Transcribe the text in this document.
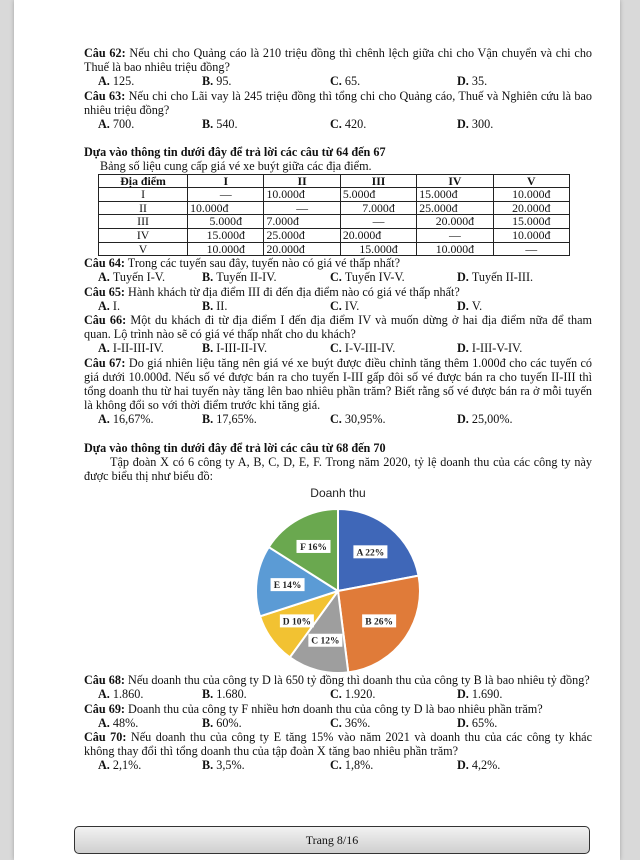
Câu 62: Nếu chi cho Quảng cáo là 210 triệu đồng thì chênh lệch giữa chi cho Vận chuyển và chi cho Thuế là bao nhiêu triệu đồng?

A. 125.	B. 95.	C. 65.	D. 35.

Câu 63: Nếu chi cho Lãi vay là 245 triệu đồng thì tổng chi cho Quảng cáo, Thuế và Nghiên cứu là bao nhiêu triệu đồng?

A. 700.	B. 540.	C. 420.	D. 300.

Dựa vào thông tin dưới đây để trả lời các câu từ 64 đến 67

Bảng số liệu cung cấp giá vé xe buýt giữa các địa điểm.

Địa điểm	I	II	III	IV	V
I	—	10.000đ	5.000đ	15.000đ	10.000đ
II	10.000đ	—	7.000đ	25.000đ	20.000đ
III	5.000đ	7.000đ	—	20.000đ	15.000đ
IV	15.000đ	25.000đ	20.000đ	—	10.000đ
V	10.000đ	20.000đ	15.000đ	10.000đ	—

Câu 64: Trong các tuyến sau đây, tuyến nào có giá vé thấp nhất?

A. Tuyến I-V.	B. Tuyến II-IV.	C. Tuyến IV-V.	D. Tuyến II-III.

Câu 65: Hành khách từ địa điểm III đi đến địa điểm nào có giá vé thấp nhất?

A. I.	B. II.	C. IV.	D. V.

Câu 66: Một du khách đi từ địa điểm I đến địa điểm IV và muốn dừng ở hai địa điểm nữa để tham quan. Lộ trình nào sẽ có giá vé thấp nhất cho du khách?

A. I-II-III-IV.	B. I-III-II-IV.	C. I-V-III-IV.	D. I-III-V-IV.

Câu 67: Do giá nhiên liệu tăng nên giá vé xe buýt được điều chỉnh tăng thêm 1.000đ cho các tuyến có giá dưới 10.000đ. Nếu số vé được bán ra cho tuyến I-III gấp đôi số vé được bán ra cho tuyến II-III thì tổng doanh thu từ hai tuyến này tăng lên bao nhiêu phần trăm? Biết rằng số vé được bán ra ở mỗi tuyến là không đổi so với thời điểm trước khi tăng giá.

A. 16,67%.	B. 17,65%.	C. 30,95%.	D. 25,00%.

Dựa vào thông tin dưới đây để trả lời các câu từ 68 đến 70

Tập đoàn X có 6 công ty A, B, C, D, E, F. Trong năm 2020, tỷ lệ doanh thu của các công ty này được biểu thị như biểu đồ:

Doanh thu
A 22%
B 26%
C 12%
D 10%
E 14%
F 16%

Câu 68: Nếu doanh thu của công ty D là 650 tỷ đồng thì doanh thu của công ty B là bao nhiêu tỷ đồng?

A. 1.860.	B. 1.680.	C. 1.920.	D. 1.690.

Câu 69: Doanh thu của công ty F nhiều hơn doanh thu của công ty D là bao nhiêu phần trăm?

A. 48%.	B. 60%.	C. 36%.	D. 65%.

Câu 70: Nếu doanh thu của công ty E tăng 15% vào năm 2021 và doanh thu của các công ty khác không thay đổi thì tổng doanh thu của tập đoàn X tăng bao nhiêu phần trăm?

A. 2,1%.	B. 3,5%.	C. 1,8%.	D. 4,2%.
Trang 8/16
